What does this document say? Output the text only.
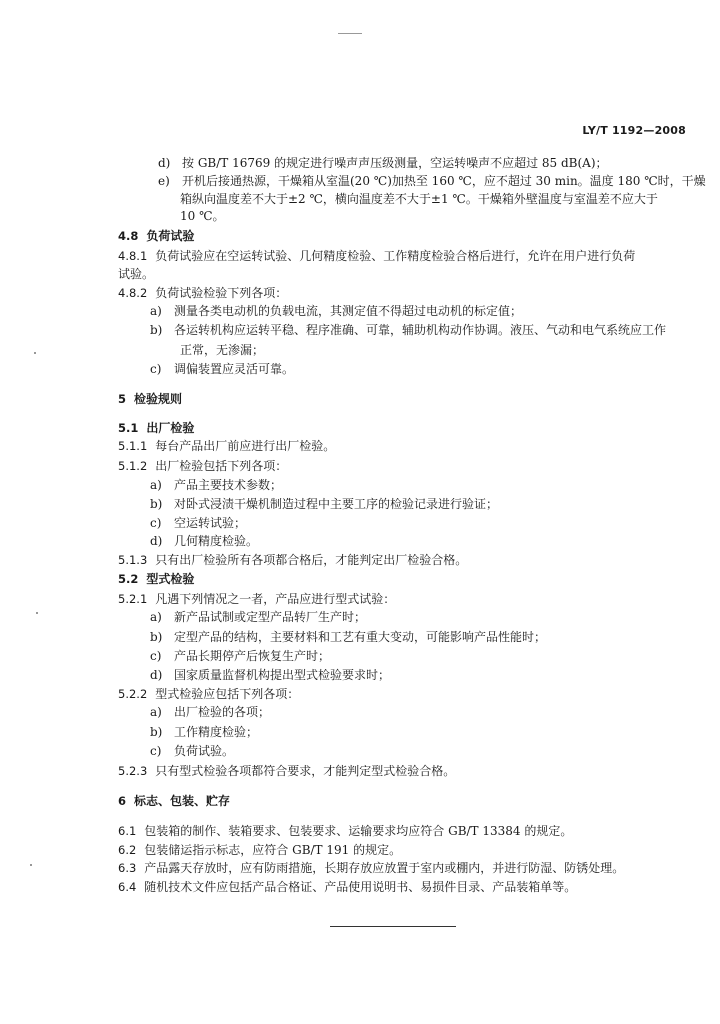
LY/T 1192—2008
d) 按 GB/T 16769 的规定进行噪声声压级测量，空运转噪声不应超过 85 dB(A)；
e) 开机后接通热源，干燥箱从室温(20 ℃)加热至 160 ℃，应不超过 30 min。温度 180 ℃时，干燥
箱纵向温度差不大于±2 ℃，横向温度差不大于±1 ℃。干燥箱外壁温度与室温差不应大于
10 ℃。
4.8 负荷试验
4.8.1 负荷试验应在空运转试验、几何精度检验、工作精度检验合格后进行，允许在用户进行负荷
试验。
4.8.2 负荷试验检验下列各项：
a) 测量各类电动机的负载电流，其测定值不得超过电动机的标定值；
b) 各运转机构应运转平稳、程序准确、可靠，辅助机构动作协调。液压、气动和电气系统应工作
正常，无渗漏；
c) 调偏装置应灵活可靠。
5 检验规则
5.1 出厂检验
5.1.1 每台产品出厂前应进行出厂检验。
5.1.2 出厂检验包括下列各项：
a) 产品主要技术参数；
b) 对卧式浸渍干燥机制造过程中主要工序的检验记录进行验证；
c) 空运转试验；
d) 几何精度检验。
5.1.3 只有出厂检验所有各项都合格后，才能判定出厂检验合格。
5.2 型式检验
5.2.1 凡遇下列情况之一者，产品应进行型式试验：
a) 新产品试制或定型产品转厂生产时；
b) 定型产品的结构，主要材料和工艺有重大变动，可能影响产品性能时；
c) 产品长期停产后恢复生产时；
d) 国家质量监督机构提出型式检验要求时；
5.2.2 型式检验应包括下列各项：
a) 出厂检验的各项；
b) 工作精度检验；
c) 负荷试验。
5.2.3 只有型式检验各项都符合要求，才能判定型式检验合格。
6 标志、包装、贮存
6.1 包装箱的制作、装箱要求、包装要求、运输要求均应符合 GB/T 13384 的规定。
6.2 包装储运指示标志，应符合 GB/T 191 的规定。
6.3 产品露天存放时，应有防雨措施，长期存放应放置于室内或棚内，并进行防湿、防锈处理。
6.4 随机技术文件应包括产品合格证、产品使用说明书、易损件目录、产品装箱单等。
